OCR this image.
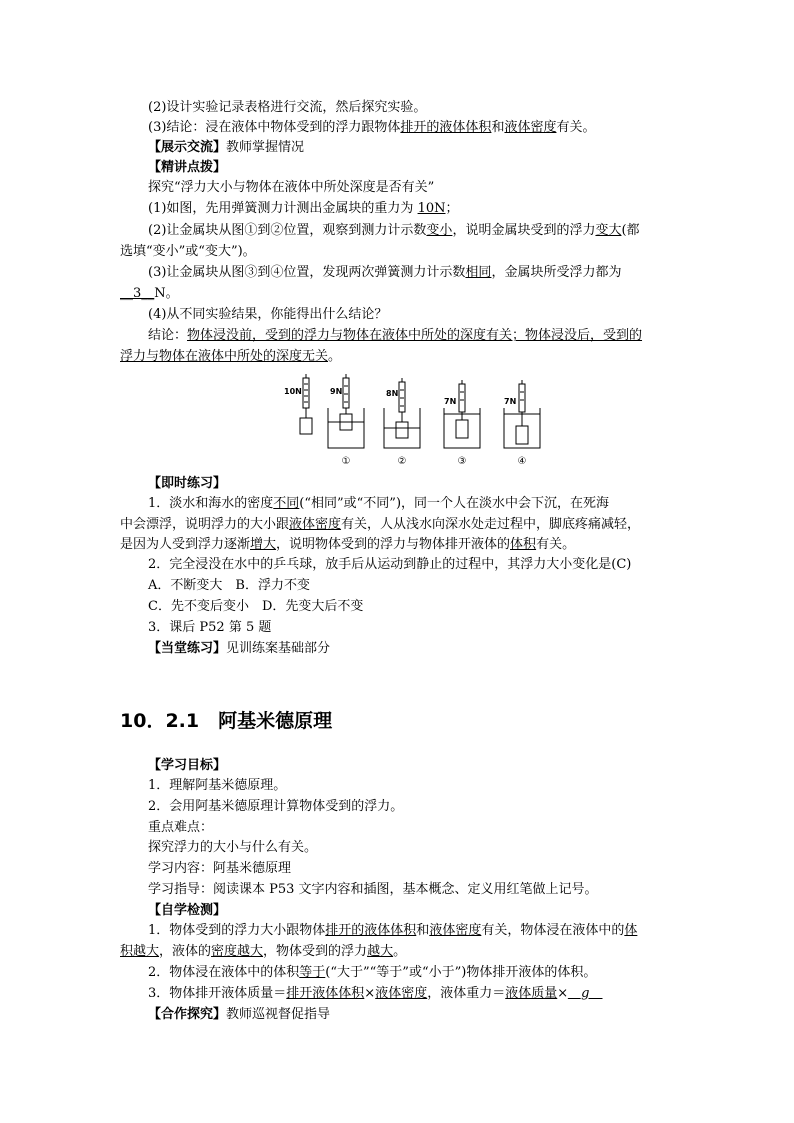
(2)设计实验记录表格进行交流，然后探究实验。
(3)结论：浸在液体中物体受到的浮力跟物体排开的液体体积和液体密度有关。
【展示交流】教师掌握情况
【精讲点拨】
探究“浮力大小与物体在液体中所处深度是否有关”
(1)如图，先用弹簧测力计测出金属块的重力为 10N；
(2)让金属块从图①到②位置，观察到测力计示数变小，说明金属块受到的浮力变大(都
选填“变小”或“变大”)。
(3)让金属块从图③到④位置，发现两次弹簧测力计示数相同，金属块所受浮力都为
__3__N。
(4)从不同实验结果，你能得出什么结论？
结论：物体浸没前，受到的浮力与物体在液体中所处的深度有关；物体浸没后，受到的
浮力与物体在液体中所处的深度无关。
10N	9N
①
8N
②
7N
③
7N
④
【即时练习】
1．淡水和海水的密度不同(“相同”或“不同”)，同一个人在淡水中会下沉，在死海
中会漂浮，说明浮力的大小跟液体密度有关，人从浅水向深水处走过程中，脚底疼痛减轻，
是因为人受到浮力逐渐增大，说明物体受到的浮力与物体排开液体的体积有关。
2．完全浸没在水中的乒乓球，放手后从运动到静止的过程中，其浮力大小变化是(C)
A．不断变大　B．浮力不变
C．先不变后变小　D．先变大后不变
3．课后 P52 第 5 题
【当堂练习】见训练案基础部分
10．2.1　阿基米德原理
【学习目标】
1．理解阿基米德原理。
2．会用阿基米德原理计算物体受到的浮力。
重点难点：
探究浮力的大小与什么有关。
学习内容：阿基米德原理
学习指导：阅读课本 P53 文字内容和插图，基本概念、定义用红笔做上记号。
【自学检测】
1．物体受到的浮力大小跟物体排开的液体体积和液体密度有关，物体浸在液体中的体
积越大，液体的密度越大，物体受到的浮力越大。
2．物体浸在液体中的体积等于(“大于”“等于”或“小于”)物体排开液体的体积。
3．物体排开液体质量＝排开液体体积×液体密度，液体重力＝液体质量×＿g＿
【合作探究】教师巡视督促指导
